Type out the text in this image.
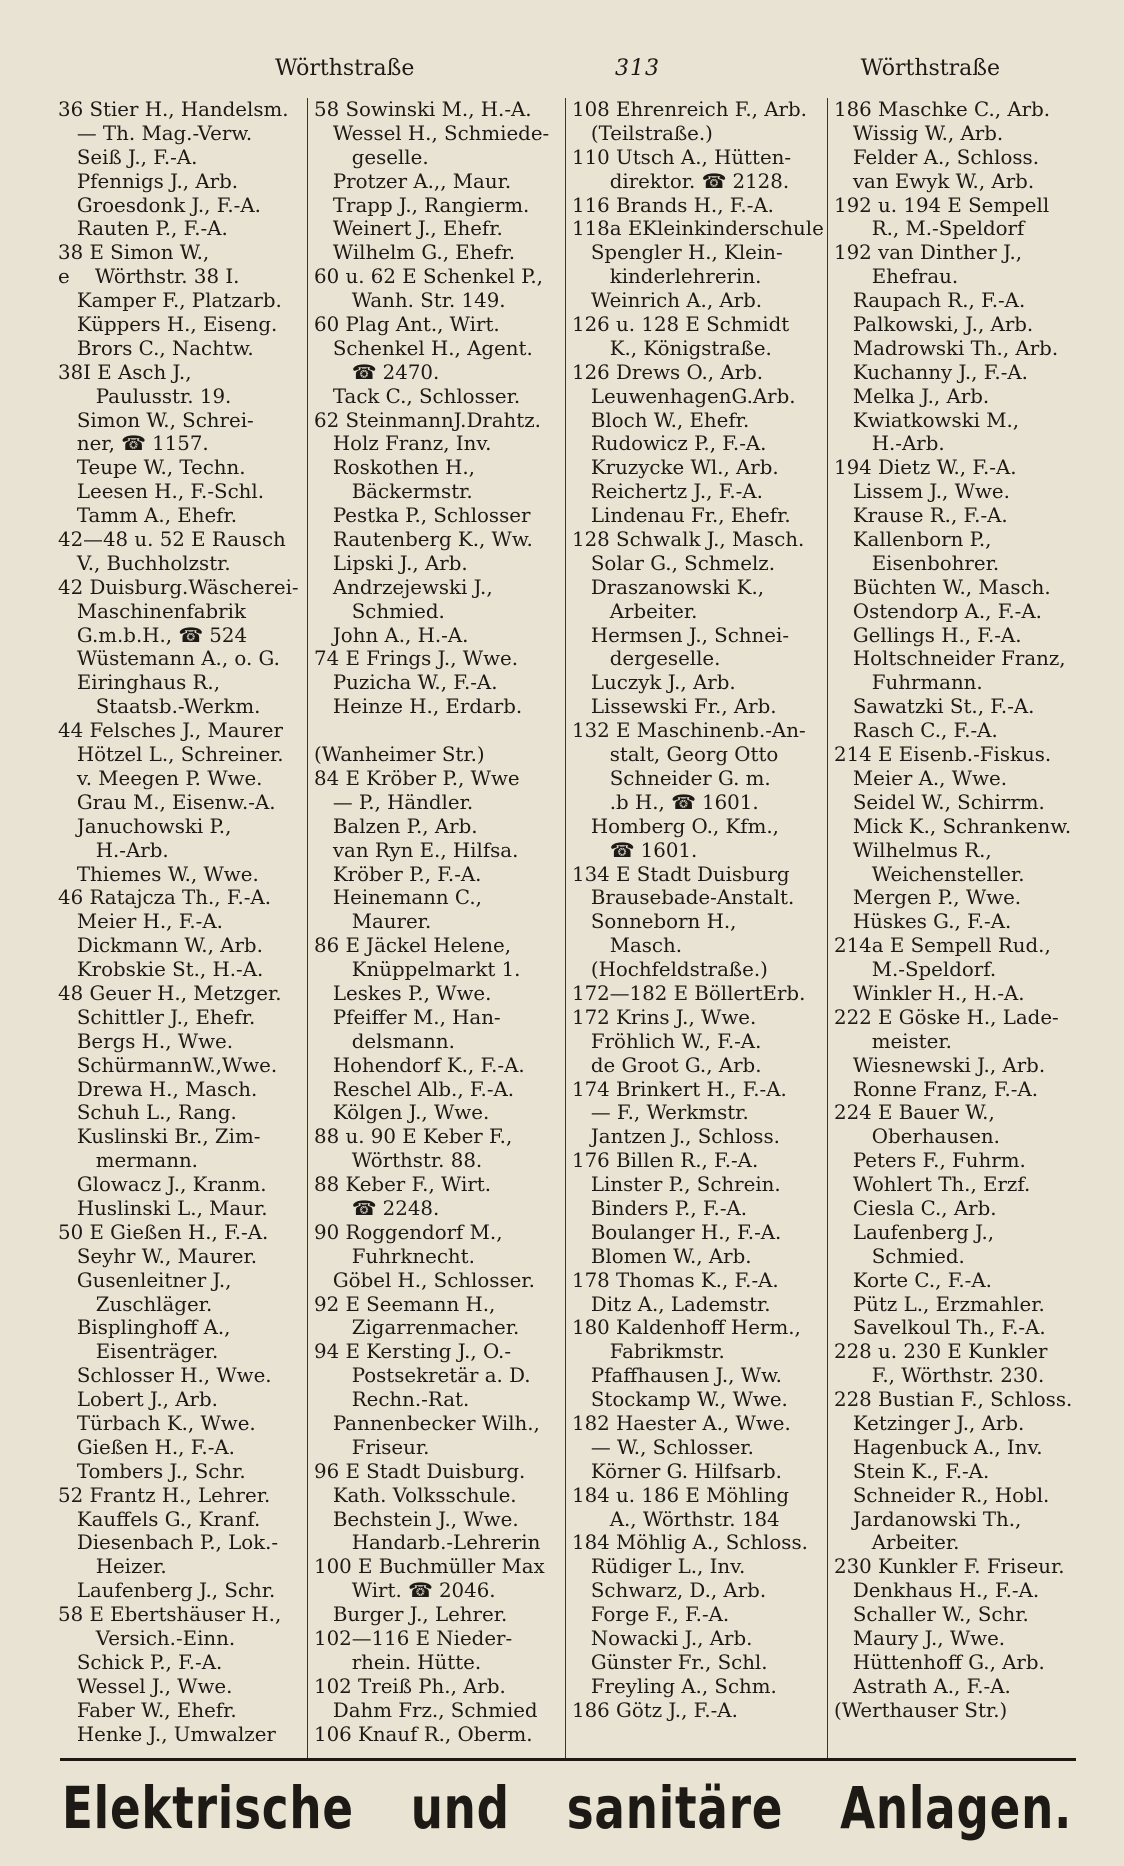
Wörthstraße	313	Wörthstraße
36 Stier H., Handelsm.
— Th. Mag.-Verw.
Seiß J., F.-A.
Pfennigs J., Arb.
Groesdonk J., F.-A.
Rauten P., F.-A.
38 E Simon W.,
e    Wörthstr. 38 I.
Kamper F., Platzarb.
Küppers H., Eiseng.
Brors C., Nachtw.
38I E Asch J.,
Paulusstr. 19.
Simon W., Schrei-
ner, ☎ 1157.
Teupe W., Techn.
Leesen H., F.-Schl.
Tamm A., Ehefr.
42—48 u. 52 E Rausch
V., Buchholzstr.
42 Duisburg.Wäscherei-
Maschinenfabrik
G.m.b.H., ☎ 524
Wüstemann A., o. G.
Eiringhaus R.,
Staatsb.-Werkm.
44 Felsches J., Maurer
Hötzel L., Schreiner.
v. Meegen P. Wwe.
Grau M., Eisenw.-A.
Januchowski P.,
H.-Arb.
Thiemes W., Wwe.
46 Ratajcza Th., F.-A.
Meier H., F.-A.
Dickmann W., Arb.
Krobskie St., H.-A.
48 Geuer H., Metzger.
Schittler J., Ehefr.
Bergs H., Wwe.
SchürmannW.,Wwe.
Drewa H., Masch.
Schuh L., Rang.
Kuslinski Br., Zim-
mermann.
Glowacz J., Kranm.
Huslinski L., Maur.
50 E Gießen H., F.-A.
Seyhr W., Maurer.
Gusenleitner J.,
Zuschläger.
Bisplinghoff A.,
Eisenträger.
Schlosser H., Wwe.
Lobert J., Arb.
Türbach K., Wwe.
Gießen H., F.-A.
Tombers J., Schr.
52 Frantz H., Lehrer.
Kauffels G., Kranf.
Diesenbach P., Lok.-
Heizer.
Laufenberg J., Schr.
58 E Ebertshäuser H.,
Versich.-Einn.
Schick P., F.-A.
Wessel J., Wwe.
Faber W., Ehefr.
Henke J., Umwalzer
58 Sowinski M., H.-A.
Wessel H., Schmiede-
geselle.
Protzer A.,, Maur.
Trapp J., Rangierm.
Weinert J., Ehefr.
Wilhelm G., Ehefr.
60 u. 62 E Schenkel P.,
Wanh. Str. 149.
60 Plag Ant., Wirt.
Schenkel H., Agent.
☎ 2470.
Tack C., Schlosser.
62 SteinmannJ.Drahtz.
Holz Franz, Inv.
Roskothen H.,
Bäckermstr.
Pestka P., Schlosser
Rautenberg K., Ww.
Lipski J., Arb.
Andrzejewski J.,
Schmied.
John A., H.-A.
74 E Frings J., Wwe.
Puzicha W., F.-A.
Heinze H., Erdarb.

(Wanheimer Str.)
84 E Kröber P., Wwe
— P., Händler.
Balzen P., Arb.
van Ryn E., Hilfsa.
Kröber P., F.-A.
Heinemann C.,
Maurer.
86 E Jäckel Helene,
Knüppelmarkt 1.
Leskes P., Wwe.
Pfeiffer M., Han-
delsmann.
Hohendorf K., F.-A.
Reschel Alb., F.-A.
Kölgen J., Wwe.
88 u. 90 E Keber F.,
Wörthstr. 88.
88 Keber F., Wirt.
☎ 2248.
90 Roggendorf M.,
Fuhrknecht.
Göbel H., Schlosser.
92 E Seemann H.,
Zigarrenmacher.
94 E Kersting J., O.-
Postsekretär a. D.
Rechn.-Rat.
Pannenbecker Wilh.,
Friseur.
96 E Stadt Duisburg.
Kath. Volksschule.
Bechstein J., Wwe.
Handarb.-Lehrerin
100 E Buchmüller Max
Wirt. ☎ 2046.
Burger J., Lehrer.
102—116 E Nieder-
rhein. Hütte.
102 Treiß Ph., Arb.
Dahm Frz., Schmied
106 Knauf R., Oberm.
108 Ehrenreich F., Arb.
(Teilstraße.)
110 Utsch A., Hütten-
direktor. ☎ 2128.
116 Brands H., F.-A.
118a EKleinkinderschule
Spengler H., Klein-
kinderlehrerin.
Weinrich A., Arb.
126 u. 128 E Schmidt
K., Königstraße.
126 Drews O., Arb.
LeuwenhagenG.Arb.
Bloch W., Ehefr.
Rudowicz P., F.-A.
Kruzycke Wl., Arb.
Reichertz J., F.-A.
Lindenau Fr., Ehefr.
128 Schwalk J., Masch.
Solar G., Schmelz.
Draszanowski K.,
Arbeiter.
Hermsen J., Schnei-
dergeselle.
Luczyk J., Arb.
Lissewski Fr., Arb.
132 E Maschinenb.-An-
stalt, Georg Otto
Schneider G. m.
.b H., ☎ 1601.
Homberg O., Kfm.,
☎ 1601.
134 E Stadt Duisburg
Brausebade-Anstalt.
Sonneborn H.,
Masch.
(Hochfeldstraße.)
172—182 E BöllertErb.
172 Krins J., Wwe.
Fröhlich W., F.-A.
de Groot G., Arb.
174 Brinkert H., F.-A.
— F., Werkmstr.
Jantzen J., Schloss.
176 Billen R., F.-A.
Linster P., Schrein.
Binders P., F.-A.
Boulanger H., F.-A.
Blomen W., Arb.
178 Thomas K., F.-A.
Ditz A., Lademstr.
180 Kaldenhoff Herm.,
Fabrikmstr.
Pfaffhausen J., Ww.
Stockamp W., Wwe.
182 Haester A., Wwe.
— W., Schlosser.
Körner G. Hilfsarb.
184 u. 186 E Möhling
A., Wörthstr. 184
184 Möhlig A., Schloss.
Rüdiger L., Inv.
Schwarz, D., Arb.
Forge F., F.-A.
Nowacki J., Arb.
Günster Fr., Schl.
Freyling A., Schm.
186 Götz J., F.-A.
186 Maschke C., Arb.
Wissig W., Arb.
Felder A., Schloss.
van Ewyk W., Arb.
192 u. 194 E Sempell
R., M.-Speldorf
192 van Dinther J.,
Ehefrau.
Raupach R., F.-A.
Palkowski, J., Arb.
Madrowski Th., Arb.
Kuchanny J., F.-A.
Melka J., Arb.
Kwiatkowski M.,
H.-Arb.
194 Dietz W., F.-A.
Lissem J., Wwe.
Krause R., F.-A.
Kallenborn P.,
Eisenbohrer.
Büchten W., Masch.
Ostendorp A., F.-A.
Gellings H., F.-A.
Holtschneider Franz,
Fuhrmann.
Sawatzki St., F.-A.
Rasch C., F.-A.
214 E Eisenb.-Fiskus.
Meier A., Wwe.
Seidel W., Schirrm.
Mick K., Schrankenw.
Wilhelmus R.,
Weichensteller.
Mergen P., Wwe.
Hüskes G., F.-A.
214a E Sempell Rud.,
M.-Speldorf.
Winkler H., H.-A.
222 E Göske H., Lade-
meister.
Wiesnewski J., Arb.
Ronne Franz, F.-A.
224 E Bauer W.,
Oberhausen.
Peters F., Fuhrm.
Wohlert Th., Erzf.
Ciesla C., Arb.
Laufenberg J.,
Schmied.
Korte C., F.-A.
Pütz L., Erzmahler.
Savelkoul Th., F.-A.
228 u. 230 E Kunkler
F., Wörthstr. 230.
228 Bustian F., Schloss.
Ketzinger J., Arb.
Hagenbuck A., Inv.
Stein K., F.-A.
Schneider R., Hobl.
Jardanowski Th.,
Arbeiter.
230 Kunkler F. Friseur.
Denkhaus H., F.-A.
Schaller W., Schr.
Maury J., Wwe.
Hüttenhoff G., Arb.
Astrath A., F.-A.
(Werthauser Str.)
Elektrische und sanitäre Anlagen.
